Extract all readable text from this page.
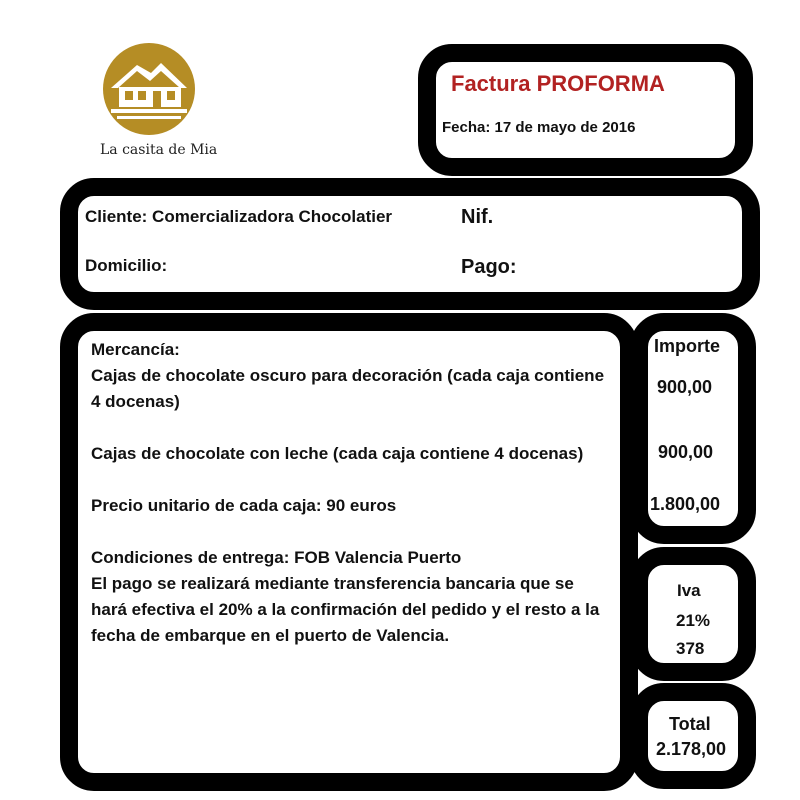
La casita de Mia
Factura PROFORMA
Fecha: 17 de mayo de 2016
Cliente: Comercializadora Chocolatier	Nif.
Domicilio:	Pago:

Mercancía:

Cajas de chocolate oscuro para decoración (cada caja contiene 4 docenas)

Cajas de chocolate con leche (cada caja contiene 4 docenas)

Precio unitario de cada caja: 90 euros

Condiciones de entrega: FOB Valencia Puerto

El pago se realizará mediante transferencia bancaria que se hará efectiva el 20% a la confirmación del pedido y el resto a la fecha de embarque en el puerto de Valencia.

Importe
900,00
900,00
1.800,00
Iva
21%
378
Total
2.178,00
